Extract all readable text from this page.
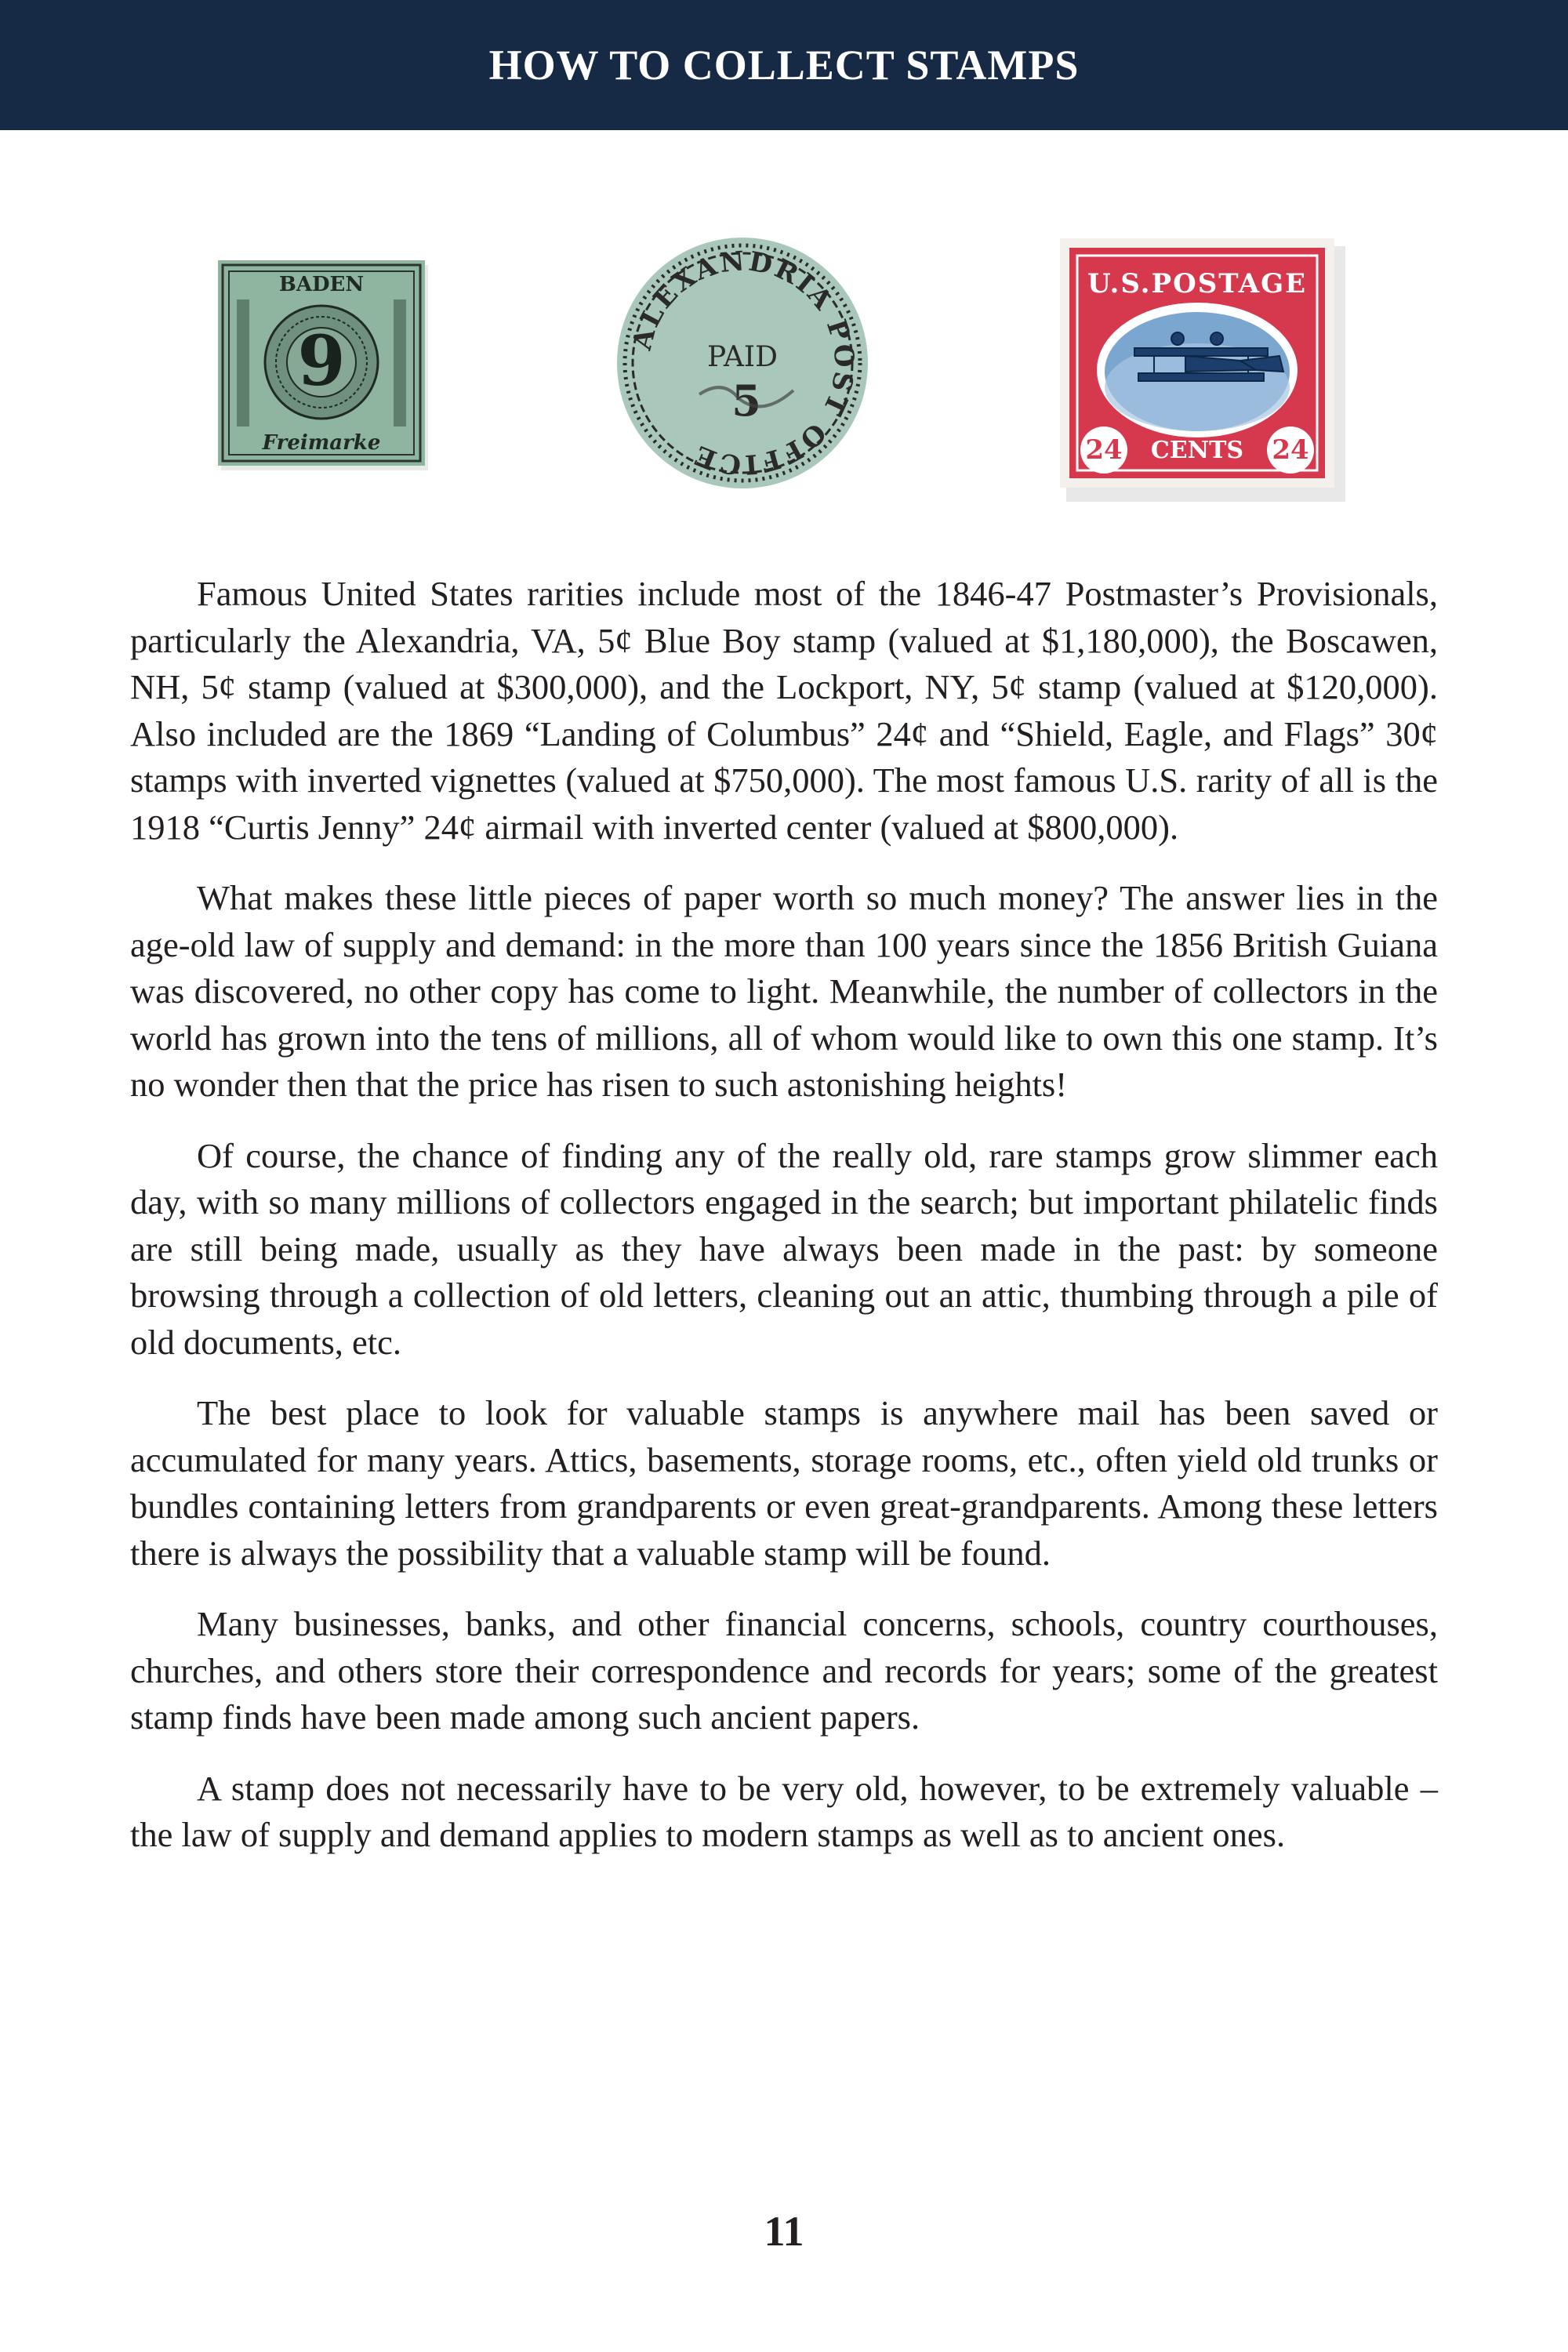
HOW TO COLLECT STAMPS
BADEN
9
Freimarke
ALEXANDRIA POST OFFICE
PAID
5
U.S.POSTAGE
24 CENTS 24

Famous United States rarities include most of the 1846-47 Postmaster’s Provisionals, particularly the Alexandria, VA, 5¢ Blue Boy stamp (valued at $1,180,000), the Boscawen, NH, 5¢ stamp (valued at $300,000), and the Lockport, NY, 5¢ stamp (valued at $120,000). Also included are the 1869 “Landing of Columbus” 24¢ and “Shield, Eagle, and Flags” 30¢ stamps with inverted vignettes (valued at $750,000). The most famous U.S. rarity of all is the 1918 “Curtis Jenny” 24¢ airmail with inverted center (valued at $800,000).

What makes these little pieces of paper worth so much money? The answer lies in the age-old law of supply and demand: in the more than 100 years since the 1856 British Guiana was discovered, no other copy has come to light. Meanwhile, the number of collectors in the world has grown into the tens of millions, all of whom would like to own this one stamp. It’s no wonder then that the price has risen to such astonishing heights!

Of course, the chance of finding any of the really old, rare stamps grow slimmer each day, with so many millions of collectors engaged in the search; but important philatelic finds are still being made, usually as they have always been made in the past: by someone browsing through a collection of old letters, cleaning out an attic, thumbing through a pile of old documents, etc.

The best place to look for valuable stamps is anywhere mail has been saved or accumulated for many years. Attics, basements, storage rooms, etc., often yield old trunks or bundles containing letters from grandparents or even great-grandparents. Among these letters there is always the possibility that a valuable stamp will be found.

Many businesses, banks, and other financial concerns, schools, country courthouses, churches, and others store their correspondence and records for years; some of the greatest stamp finds have been made among such ancient papers.

A stamp does not necessarily have to be very old, however, to be extremely valuable – the law of supply and demand applies to modern stamps as well as to ancient ones.

11
